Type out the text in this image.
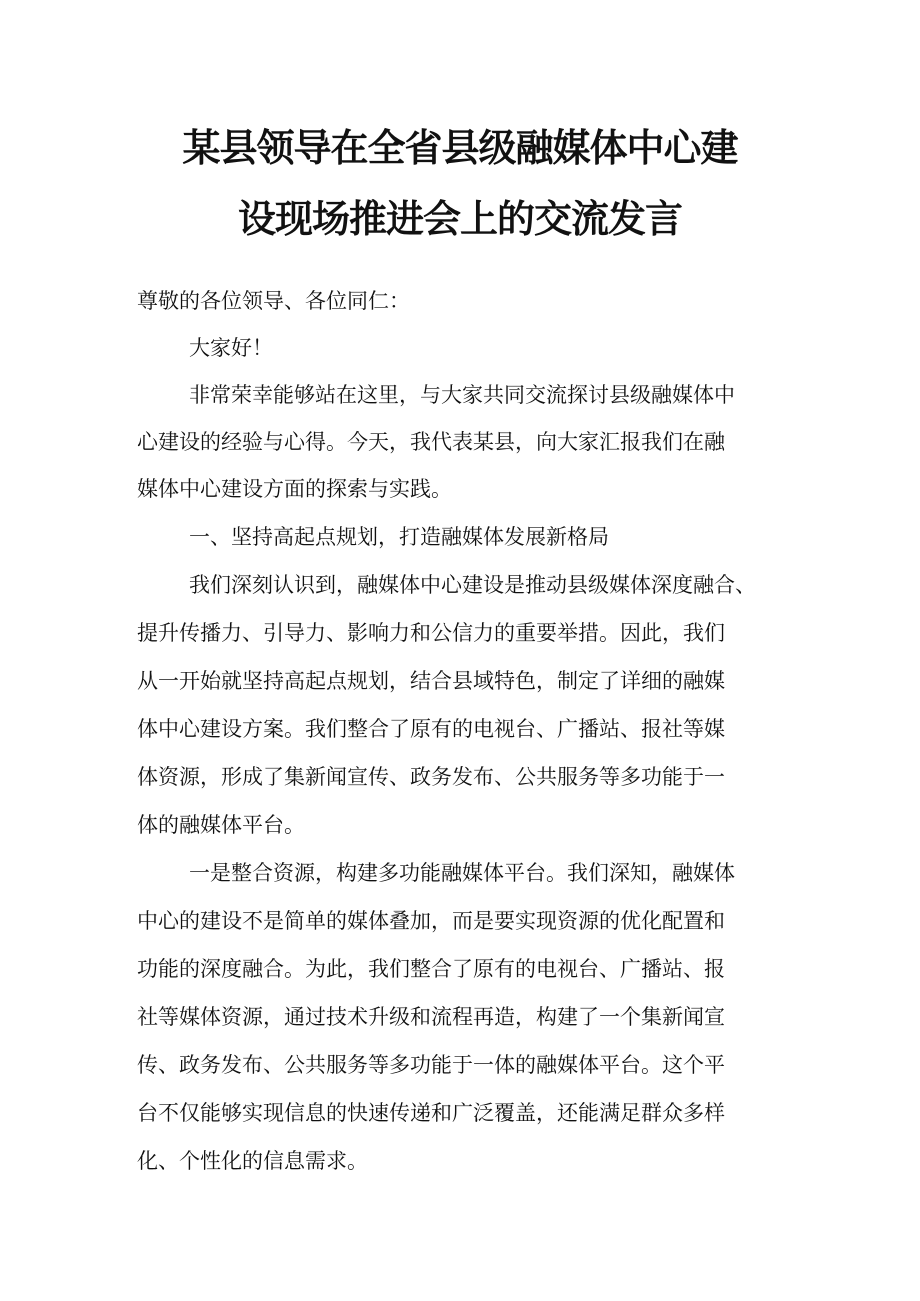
某县领导在全省县级融媒体中心建
设现场推进会上的交流发言
尊敬的各位领导、各位同仁：
大家好！
非常荣幸能够站在这里，与大家共同交流探讨县级融媒体中
心建设的经验与心得。今天，我代表某县，向大家汇报我们在融
媒体中心建设方面的探索与实践。
一、坚持高起点规划，打造融媒体发展新格局
我们深刻认识到，融媒体中心建设是推动县级媒体深度融合、
提升传播力、引导力、影响力和公信力的重要举措。因此，我们
从一开始就坚持高起点规划，结合县域特色，制定了详细的融媒
体中心建设方案。我们整合了原有的电视台、广播站、报社等媒
体资源，形成了集新闻宣传、政务发布、公共服务等多功能于一
体的融媒体平台。
一是整合资源，构建多功能融媒体平台。我们深知，融媒体
中心的建设不是简单的媒体叠加，而是要实现资源的优化配置和
功能的深度融合。为此，我们整合了原有的电视台、广播站、报
社等媒体资源，通过技术升级和流程再造，构建了一个集新闻宣
传、政务发布、公共服务等多功能于一体的融媒体平台。这个平
台不仅能够实现信息的快速传递和广泛覆盖，还能满足群众多样
化、个性化的信息需求。
